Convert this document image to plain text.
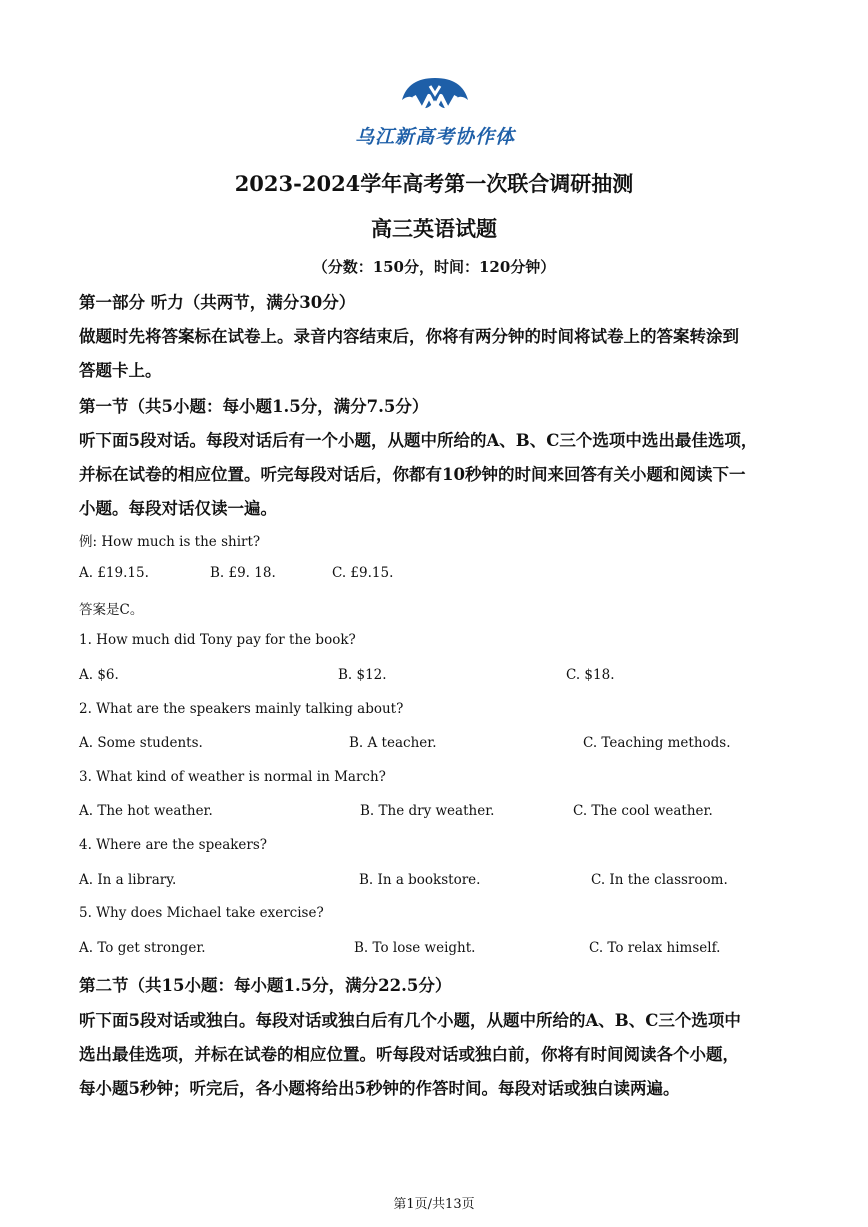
乌江新高考协作体
2023-2024学年高考第一次联合调研抽测
高三英语试题
（分数：150分，时间：120分钟）
第一部分 听力（共两节，满分30分）
做题时先将答案标在试卷上。录音内容结束后，你将有两分钟的时间将试卷上的答案转涂到
答题卡上。
第一节（共5小题：每小题1.5分，满分7.5分）
听下面5段对话。每段对话后有一个小题，从题中所给的A、B、C三个选项中选出最佳选项，
并标在试卷的相应位置。听完每段对话后，你都有10秒钟的时间来回答有关小题和阅读下一
小题。每段对话仅读一遍。
例: How much is the shirt?
A. £19.15.	B. £9. 18.	C. £9.15.
答案是C。
1. How much did Tony pay for the book?
A. $6.	B. $12.	C. $18.
2. What are the speakers mainly talking about?
A. Some students.	B. A teacher.	C. Teaching methods.
3. What kind of weather is normal in March?
A. The hot weather.	B. The dry weather.	C. The cool weather.
4. Where are the speakers?
A. In a library.	B. In a bookstore.	C. In the classroom.
5. Why does Michael take exercise?
A. To get stronger.	B. To lose weight.	C. To relax himself.
第二节（共15小题：每小题1.5分，满分22.5分）
听下面5段对话或独白。每段对话或独白后有几个小题，从题中所给的A、B、C三个选项中
选出最佳选项，并标在试卷的相应位置。听每段对话或独白前，你将有时间阅读各个小题，
每小题5秒钟；听完后，各小题将给出5秒钟的作答时间。每段对话或独白读两遍。
第1页/共13页
